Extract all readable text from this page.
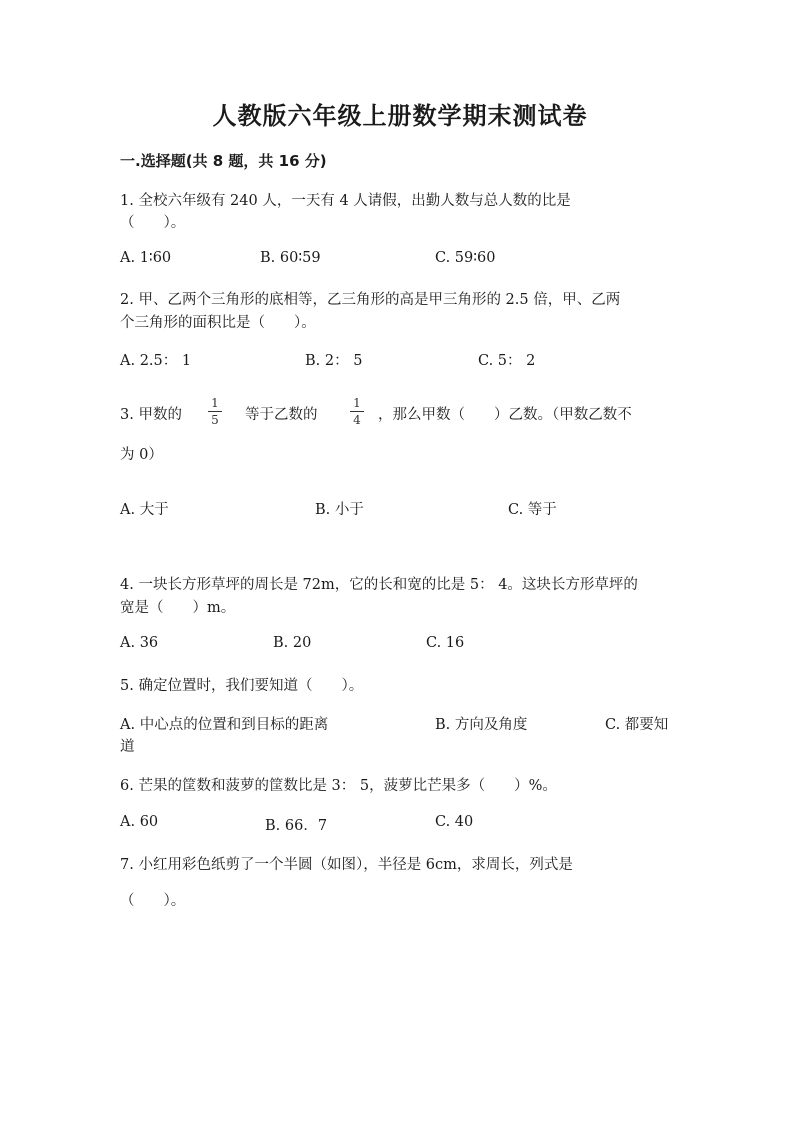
人教版六年级上册数学期末测试卷
一.选择题(共 8 题，共 16 分)
1. 全校六年级有 240 人，一天有 4 人请假，出勤人数与总人数的比是
（　　）。
A. 1∶60	B. 60∶59	C. 59∶60
2. 甲、乙两个三角形的底相等，乙三角形的高是甲三角形的 2.5 倍，甲、乙两
个三角形的面积比是（　　）。
A. 2.5： 1	B. 2： 5	C. 5： 2
3. 甲数的
1
5 等于乙数的
1
4 ，那么甲数（　　）乙数。（甲数乙数不
为 0）
A. 大于	B. 小于	C. 等于
4. 一块长方形草坪的周长是 72m，它的长和宽的比是 5： 4。这块长方形草坪的
宽是（　　）m。
A. 36	B. 20	C. 16
5. 确定位置时，我们要知道（　　）。
A. 中心点的位置和到目标的距离	B. 方向及角度	C. 都要知
道
6. 芒果的筐数和菠萝的筐数比是 3： 5，菠萝比芒果多（　　）%。
A. 60	B. 66．7	C. 40
7. 小红用彩色纸剪了一个半圆（如图），半径是 6cm，求周长，列式是
（　　）。
